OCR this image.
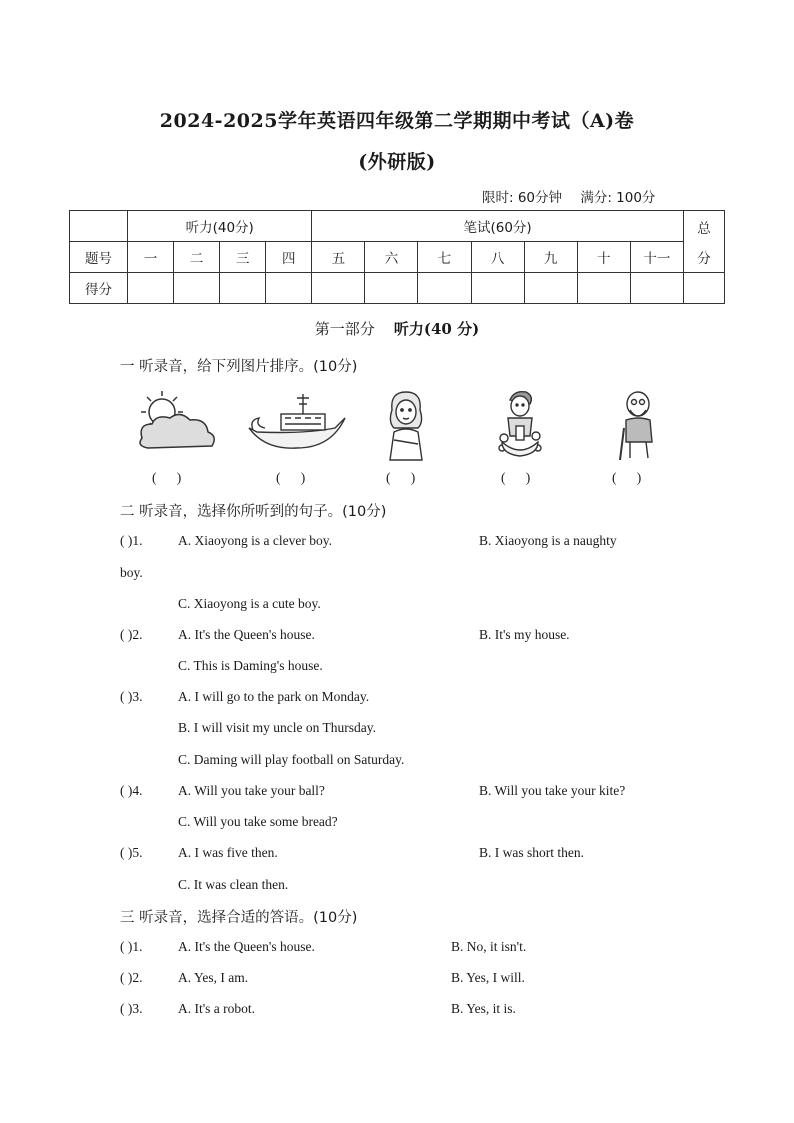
2024-2025学年英语四年级第二学期期中考试（A)卷
(外研版)
限时: 60分钟 满分: 100分
	听力(40分)				笔试(60分)							总
分

题号	一	二	三	四	五	六	七	八	九	十	十一	
得分												
第一部分 听力(40 分)
一 听录音，给下列图片排序。(10分)
(      )	(      )	(      )	(      )	(      )
二 听录音，选择你所听到的句子。(10分)
( )1.	A. Xiaoyong is a clever boy.	B. Xiaoyong is a naughty
boy.
C. Xiaoyong is a cute boy.
( )2.	A. It's the Queen's house.	B. It's my house.
C. This is Daming's house.
( )3.	A. I will go to the park on Monday.
B. I will visit my uncle on Thursday.
C. Daming will play football on Saturday.
( )4.	A. Will you take your ball?	B. Will you take your kite?
C. Will you take some bread?
( )5.	A. I was five then.	B. I was short then.
C. It was clean then.
三 听录音，选择合适的答语。(10分)
( )1.	A. It's the Queen's house.	B. No, it isn't.
( )2.	A. Yes, I am.	B. Yes, I will.
( )3.	A. It's a robot.	B. Yes, it is.
